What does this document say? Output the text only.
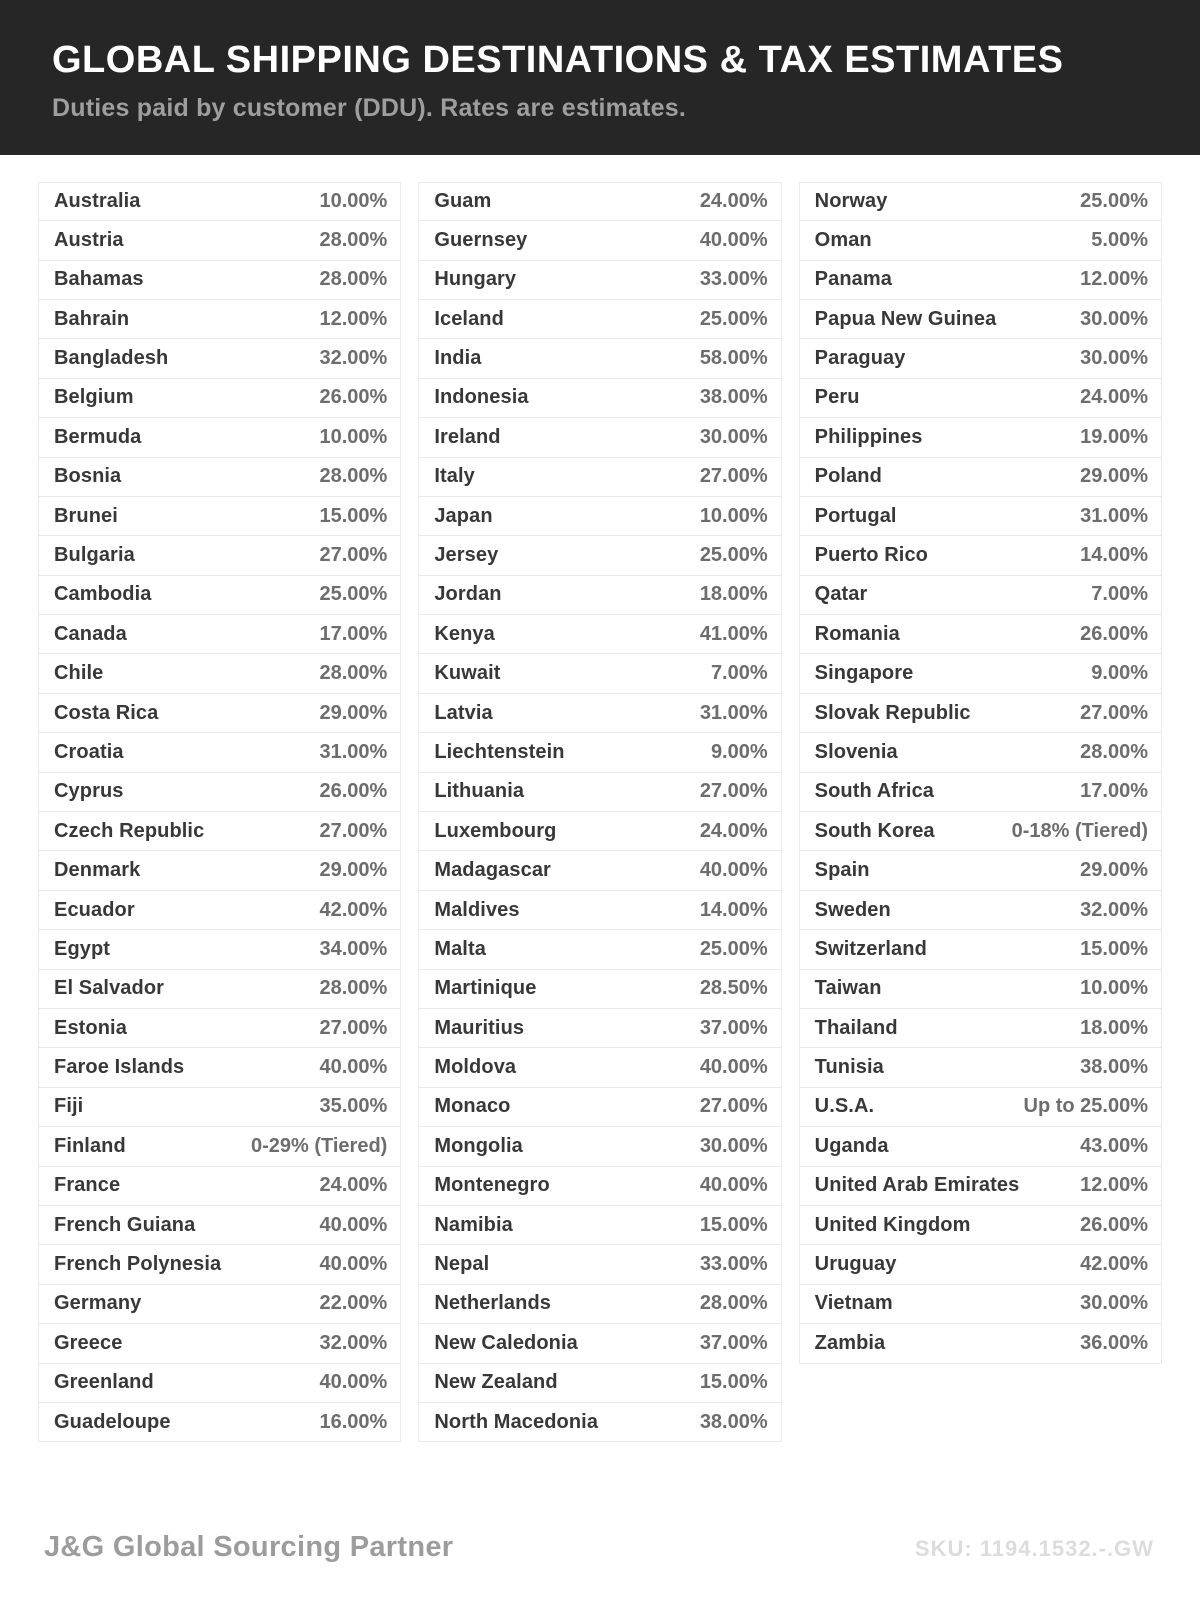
GLOBAL SHIPPING DESTINATIONS & TAX ESTIMATES
Duties paid by customer (DDU). Rates are estimates.
Australia	10.00%
Austria	28.00%
Bahamas	28.00%
Bahrain	12.00%
Bangladesh	32.00%
Belgium	26.00%
Bermuda	10.00%
Bosnia	28.00%
Brunei	15.00%
Bulgaria	27.00%
Cambodia	25.00%
Canada	17.00%
Chile	28.00%
Costa Rica	29.00%
Croatia	31.00%
Cyprus	26.00%
Czech Republic	27.00%
Denmark	29.00%
Ecuador	42.00%
Egypt	34.00%
El Salvador	28.00%
Estonia	27.00%
Faroe Islands	40.00%
Fiji	35.00%
Finland	0-29% (Tiered)
France	24.00%
French Guiana	40.00%
French Polynesia	40.00%
Germany	22.00%
Greece	32.00%
Greenland	40.00%
Guadeloupe	16.00%
Guam	24.00%
Guernsey	40.00%
Hungary	33.00%
Iceland	25.00%
India	58.00%
Indonesia	38.00%
Ireland	30.00%
Italy	27.00%
Japan	10.00%
Jersey	25.00%
Jordan	18.00%
Kenya	41.00%
Kuwait	7.00%
Latvia	31.00%
Liechtenstein	9.00%
Lithuania	27.00%
Luxembourg	24.00%
Madagascar	40.00%
Maldives	14.00%
Malta	25.00%
Martinique	28.50%
Mauritius	37.00%
Moldova	40.00%
Monaco	27.00%
Mongolia	30.00%
Montenegro	40.00%
Namibia	15.00%
Nepal	33.00%
Netherlands	28.00%
New Caledonia	37.00%
New Zealand	15.00%
North Macedonia	38.00%
Norway	25.00%
Oman	5.00%
Panama	12.00%
Papua New Guinea	30.00%
Paraguay	30.00%
Peru	24.00%
Philippines	19.00%
Poland	29.00%
Portugal	31.00%
Puerto Rico	14.00%
Qatar	7.00%
Romania	26.00%
Singapore	9.00%
Slovak Republic	27.00%
Slovenia	28.00%
South Africa	17.00%
South Korea	0-18% (Tiered)
Spain	29.00%
Sweden	32.00%
Switzerland	15.00%
Taiwan	10.00%
Thailand	18.00%
Tunisia	38.00%
U.S.A.	Up to 25.00%
Uganda	43.00%
United Arab Emirates	12.00%
United Kingdom	26.00%
Uruguay	42.00%
Vietnam	30.00%
Zambia	36.00%
J&G Global Sourcing Partner	SKU: 1194.1532.-.GW
